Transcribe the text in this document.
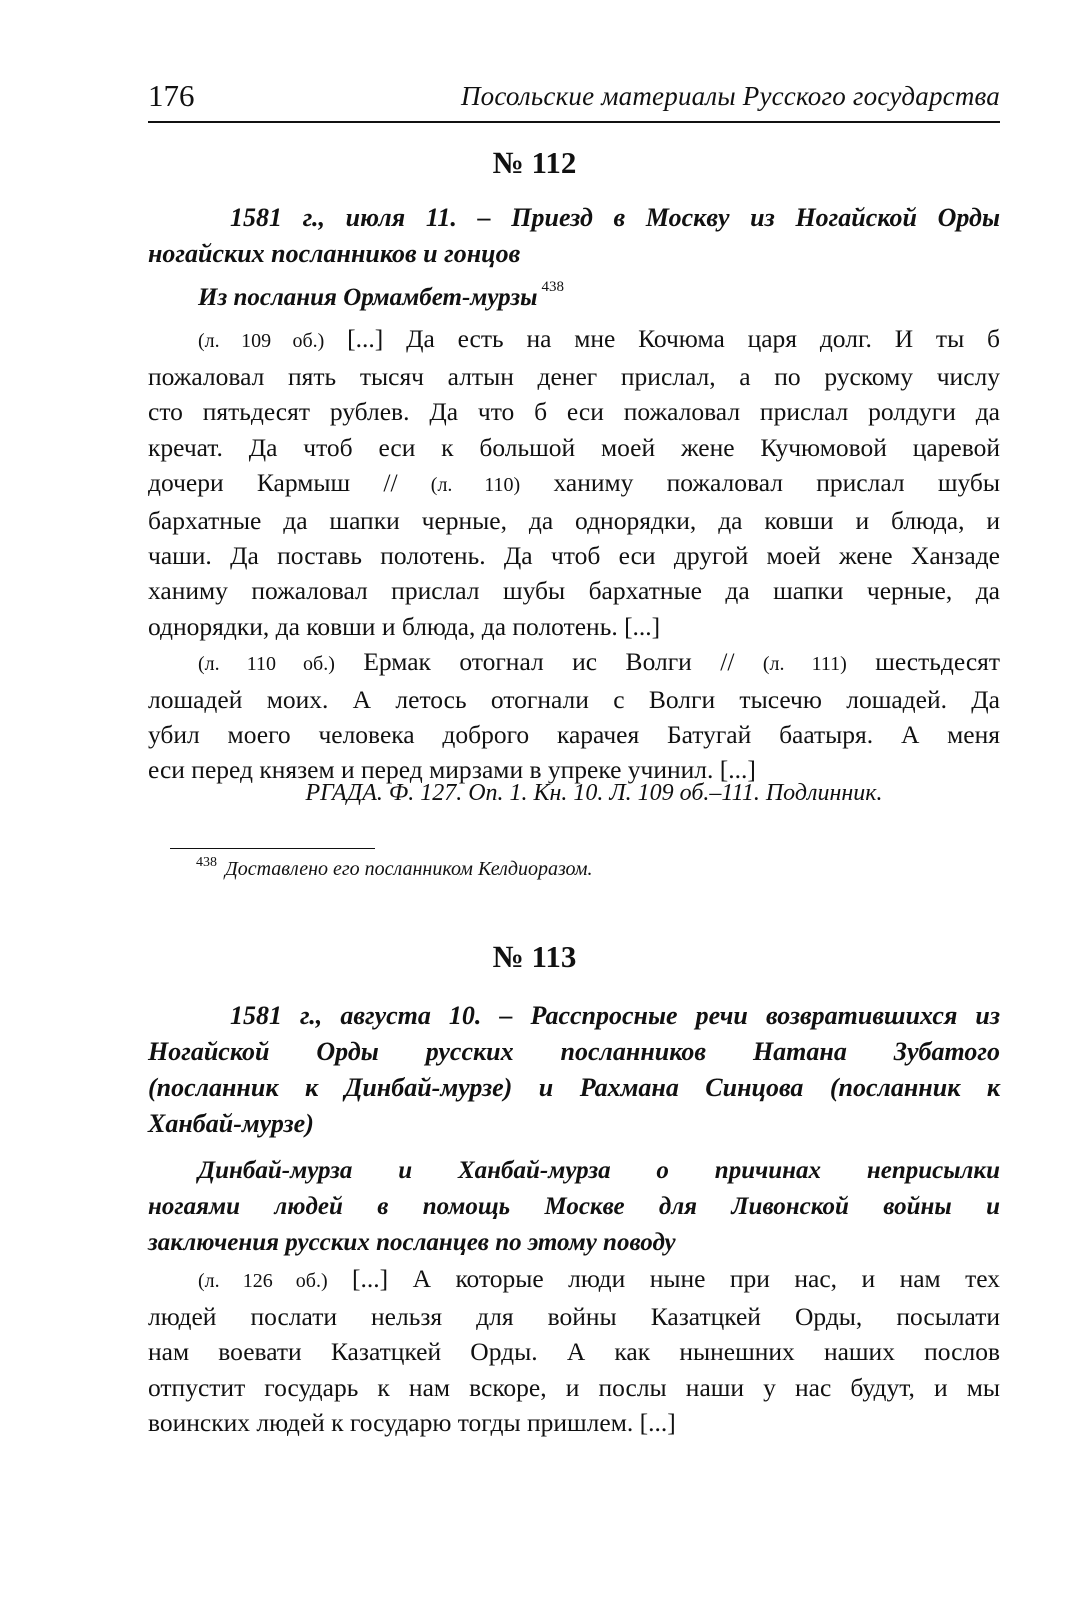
176	Посольские материалы Русского государства
№ 112
1581 г., июля 11. – Приезд в Москву из Ногайской Орды
ногайских посланников и гонцов
Из послания Ормамбет-мурзы $^{438}$
(л. 109 об.) [...] Да есть на мне Кочюма царя долг. И ты б
пожаловал пять тысяч алтын денег прислал, а по рускому числу
сто пятьдесят рублев. Да что б еси пожаловал прислал ролдуги да
кречат. Да чтоб еси к большой моей жене Кучюмовой царевой
дочери Кармыш // (л. 110) ханиму пожаловал прислал шубы
бархатные да шапки черные, да однорядки, да ковши и блюда, и
чаши. Да поставь полотень. Да чтоб еси другой моей жене Ханзаде
ханиму пожаловал прислал шубы бархатные да шапки черные, да
однорядки, да ковши и блюда, да полотень. [...]
(л. 110 об.) Ермак отогнал ис Волги // (л. 111) шестьдесят
лошадей моих. А летось отогнали с Волги тысечю лошадей. Да
убил моего человека доброго карачея Батугай баатыря. А меня
еси перед князем и перед мирзами в упреке учинил. [...]
РГАДА. Ф. 127. Оп. 1. Кн. 10. Л. 109 об.–111. Подлинник.
$^{438}$ Доставлено его посланником Келдиоразом.
№ 113
1581 г., августа 10. – Расспросные речи возвратившихся из
Ногайской Орды русских посланников Натана Зубатого
(посланник к Динбай-мурзе) и Рахмана Синцова (посланник к
Ханбай-мурзе)
Динбай-мурза и Ханбай-мурза о причинах неприсылки
ногаями людей в помощь Москве для Ливонской войны и
заключения русских посланцев по этому поводу
(л. 126 об.) [...] А которые люди ныне при нас, и нам тех
людей послати нельзя для войны Казатцкей Орды, посылати
нам воевати Казатцкей Орды. А как нынешних наших послов
отпустит государь к нам вскоре, и послы наши у нас будут, и мы
воинских людей к государю тогды пришлем. [...]
